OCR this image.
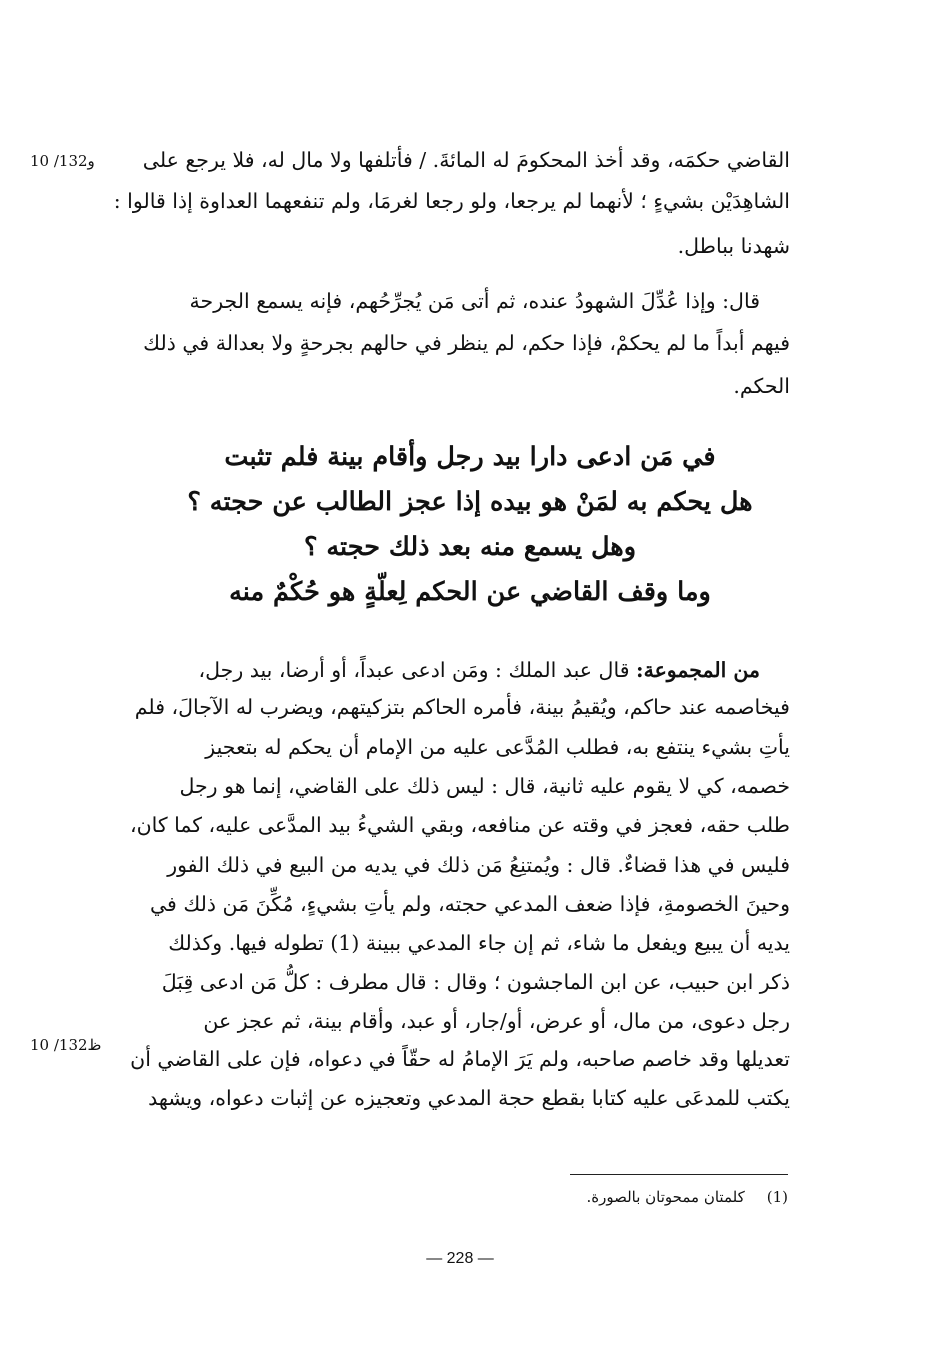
10 /132و
10 /132ظ
القاضي حكمَه، وقد أخذ المحكومَ له المائةَ. / فأتلفها ولا مال له، فلا يرجع على
الشاهِدَيْن بشيءٍ ؛ لأنهما لم يرجعا، ولو رجعا لغرمَا، ولم تنفعهما العداوة إذا قالوا :
شهدنا بباطل.
قال: وإذا عُدِّلَ الشهودُ عنده، ثم أتى مَن يُجرِّحُهم، فإنه يسمع الجرحة
فيهم أبداً ما لم يحكمْ، فإذا حكم، لم ينظر في حالهم بجرحةٍ ولا بعدالة في ذلك
الحكم.
في مَن ادعى دارا بيد رجل وأقام بينة فلم تثبت
هل يحكم به لمَنْ هو بيده إذا عجز الطالب عن حجته ؟
وهل يسمع منه بعد ذلك حجته ؟
وما وقف القاضي عن الحكم لِعلّةٍ هو حُكْمٌ منه
من المجموعة: قال عبد الملك : ومَن ادعى عبداً، أو أرضا، بيد رجل،
فيخاصمه عند حاكم، ويُقيمُ بينة، فأمره الحاكم بتزكيتهم، ويضرب له الآجالَ، فلم
يأتِ بشيء ينتفع به، فطلب المُدَّعى عليه من الإمام أن يحكم له بتعجيز
خصمه، كي لا يقوم عليه ثانية، قال : ليس ذلك على القاضي، إنما هو رجل
طلب حقه، فعجز في وقته عن منافعه، وبقي الشيءُ بيد المدَّعى عليه، كما كان،
فليس في هذا قضاءٌ. قال : ويُمتنِعُ مَن ذلك في يديه من البيع في ذلك الفور
وحينَ الخصومةِ، فإذا ضعف المدعي حجته، ولم يأتِ بشيءٍ، مُكِّنَ مَن ذلك في
يديه أن يبيع ويفعل ما شاء، ثم إن جاء المدعي ببينة (1) تطوله فيها. وكذلك
ذكر ابن حبيب، عن ابن الماجشون ؛ وقال : قال مطرف : كلُّ مَن ادعى قِبَلَ
رجل دعوى، من مال، أو عرض، أو/جار، أو عبد، وأقام بينة، ثم عجز عن
تعديلها وقد خاصم صاحبه، ولم يَرَ الإمامُ له حقّاً في دعواه، فإن على القاضي أن
يكتب للمدعَى عليه كتابا بقطع حجة المدعي وتعجيزه عن إثبات دعواه، ويشهد
(1)كلمتان ممحوتان بالصورة.
— 228 —
